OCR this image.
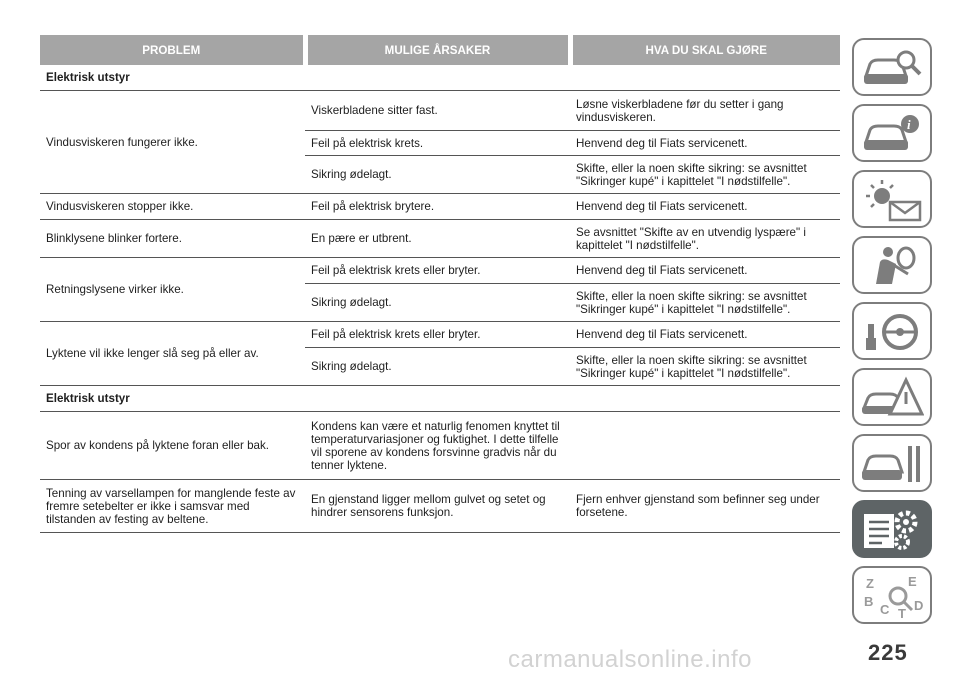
PROBLEM	MULIGE ÅRSAKER	HVA DU SKAL GJØRE
Elektrisk utstyr		
Vindusviskeren fungerer ikke.	Viskerbladene sitter fast.	Løsne viskerbladene før du setter i gang vindusviskeren.
	Feil på elektrisk krets.	Henvend deg til Fiats servicenett.
	Sikring ødelagt.	Skifte, eller la noen skifte sikring: se avsnittet "Sikringer kupé" i kapittelet "I nødstilfelle".
Vindusviskeren stopper ikke.	Feil på elektrisk brytere.	Henvend deg til Fiats servicenett.
Blinklysene blinker fortere.	En pære er utbrent.	Se avsnittet "Skifte av en utvendig lyspære" i kapittelet "I nødstilfelle".
Retningslysene virker ikke.	Feil på elektrisk krets eller bryter.	Henvend deg til Fiats servicenett.
	Sikring ødelagt.	Skifte, eller la noen skifte sikring: se avsnittet "Sikringer kupé" i kapittelet "I nødstilfelle".
Lyktene vil ikke lenger slå seg på eller av.	Feil på elektrisk krets eller bryter.	Henvend deg til Fiats servicenett.
	Sikring ødelagt.	Skifte, eller la noen skifte sikring: se avsnittet "Sikringer kupé" i kapittelet "I nødstilfelle".
Elektrisk utstyr		
Spor av kondens på lyktene foran eller bak.	Kondens kan være et naturlig fenomen knyttet til temperaturvariasjoner og fuktighet. I dette tilfelle vil sporene av kondens forsvinne gradvis når du tenner lyktene.	
Tenning av varsellampen for manglende feste av fremre setebelter er ikke i samsvar med tilstanden av festing av beltene.	En gjenstand ligger mellom gulvet og setet og hindrer sensorens funksjon.	Fjern enhver gjenstand som befinner seg under forsetene.
i
Z	E
B
C T
D
225
carmanualsonline.info
